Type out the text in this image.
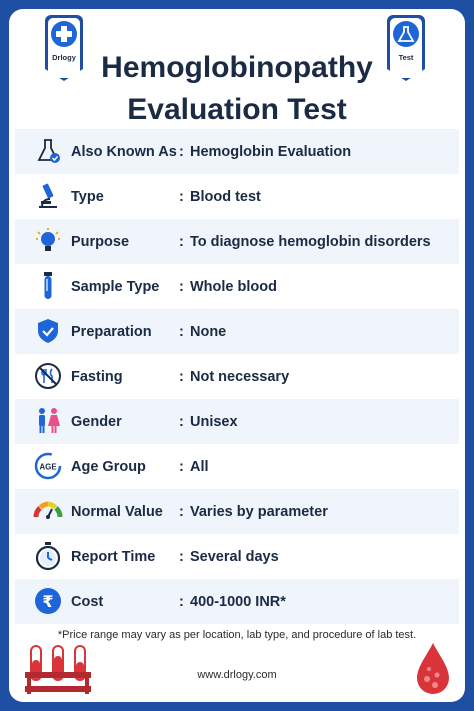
Drlogy	Test
Hemoglobinopathy
Evaluation Test
Also Known As : Hemoglobin Evaluation
Type	: Blood test
Purpose	: To diagnose hemoglobin disorders
Sample Type : Whole blood
Preparation : None
Fasting	: Not necessary
Gender	: Unisex
AGE Age Group : All
Normal Value : Varies by parameter
Report Time : Several days
₹ Cost	: 400-1000 INR*
*Price range may vary as per location, lab type, and procedure of lab test.
www.drlogy.com
